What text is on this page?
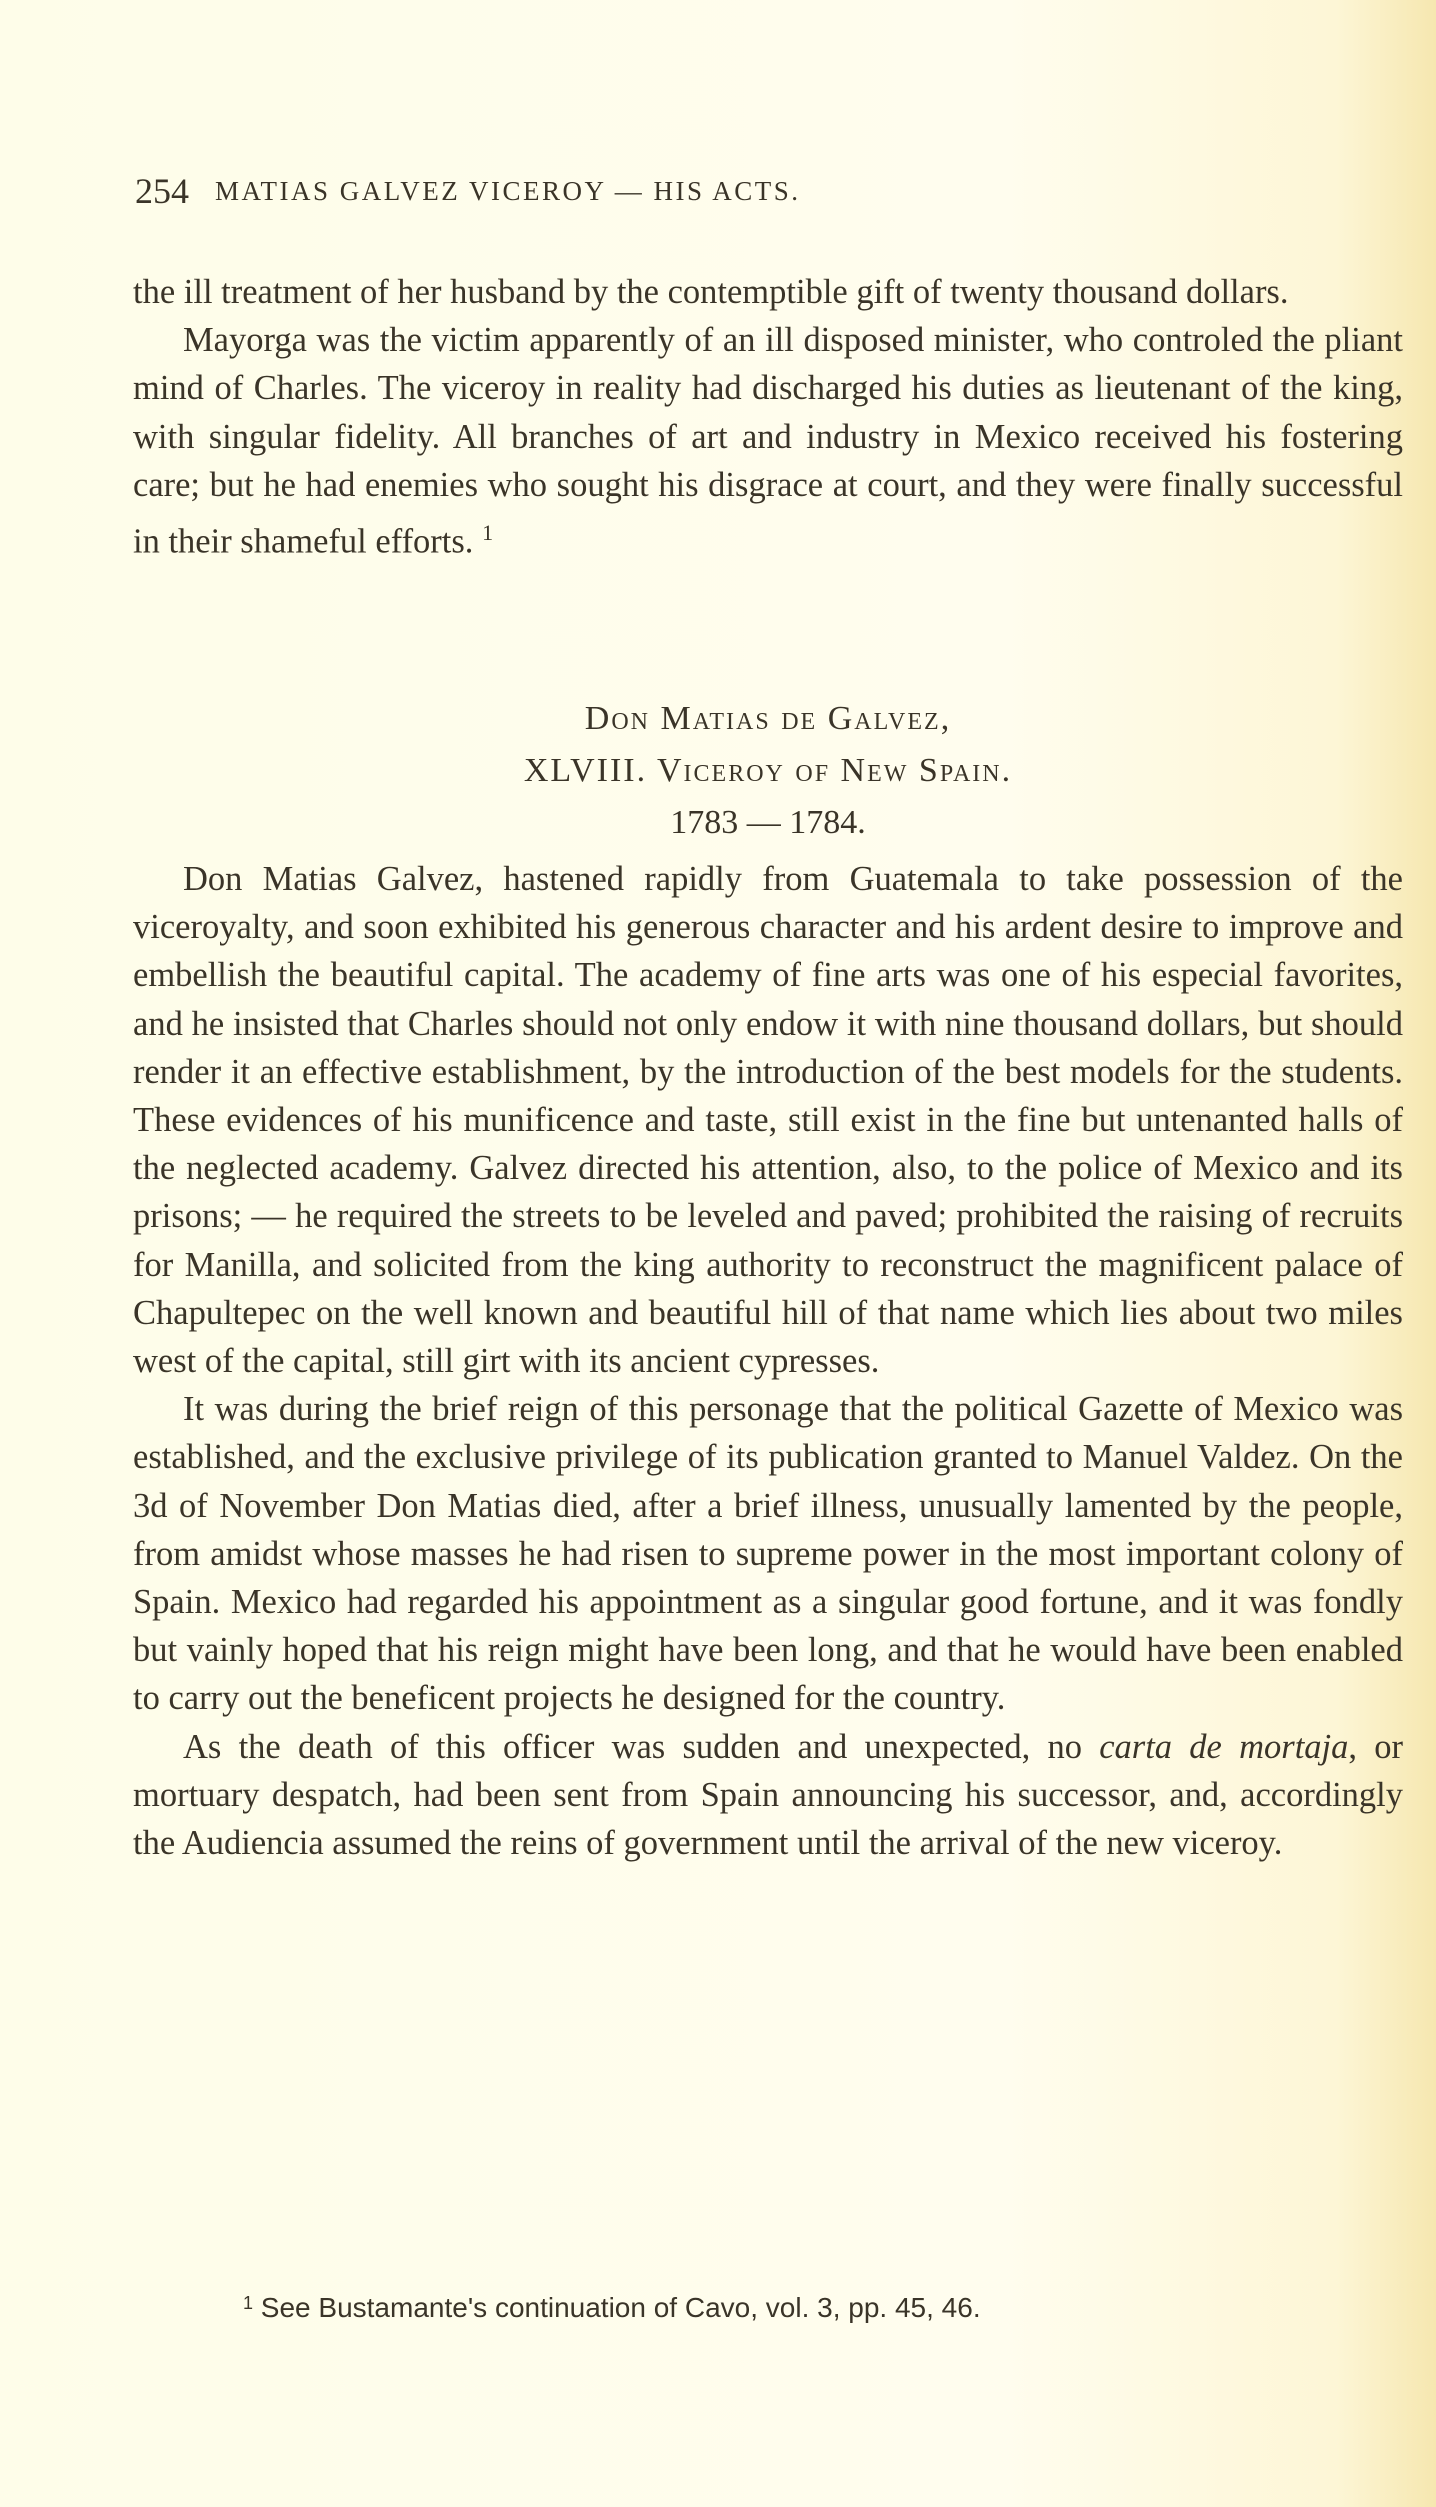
254 MATIAS GALVEZ VICEROY — HIS ACTS.

the ill treatment of her husband by the contemptible gift of twenty thousand dollars.

Mayorga was the victim apparently of an ill disposed minister, who controled the pliant mind of Charles. The viceroy in reality had discharged his duties as lieutenant of the king, with singular fidelity. All branches of art and industry in Mexico received his fostering care; but he had enemies who sought his disgrace at court, and they were finally successful in their shameful efforts. $^1$

Don Matias de Galvez,
XLVIII. Viceroy of New Spain.
1783 — 1784.

Don Matias Galvez, hastened rapidly from Guatemala to take possession of the viceroyalty, and soon exhibited his generous character and his ardent desire to improve and embellish the beautiful capital. The academy of fine arts was one of his especial favorites, and he insisted that Charles should not only endow it with nine thousand dollars, but should render it an effective establishment, by the introduction of the best models for the students. These evidences of his munificence and taste, still exist in the fine but untenanted halls of the neglected academy. Galvez directed his attention, also, to the police of Mexico and its prisons; — he required the streets to be leveled and paved; prohibited the raising of recruits for Manilla, and solicited from the king authority to reconstruct the magnificent palace of Chapultepec on the well known and beautiful hill of that name which lies about two miles west of the capital, still girt with its ancient cypresses.

It was during the brief reign of this personage that the political Gazette of Mexico was established, and the exclusive privilege of its publication granted to Manuel Valdez. On the 3d of November Don Matias died, after a brief illness, unusually lamented by the people, from amidst whose masses he had risen to supreme power in the most important colony of Spain. Mexico had regarded his appointment as a singular good fortune, and it was fondly but vainly hoped that his reign might have been long, and that he would have been enabled to carry out the beneficent projects he designed for the country.

As the death of this officer was sudden and unexpected, no carta de mortaja, or mortuary despatch, had been sent from Spain announcing his successor, and, accordingly the Audiencia assumed the reins of government until the arrival of the new viceroy.

$^1$ See Bustamante's continuation of Cavo, vol. 3, pp. 45, 46.
